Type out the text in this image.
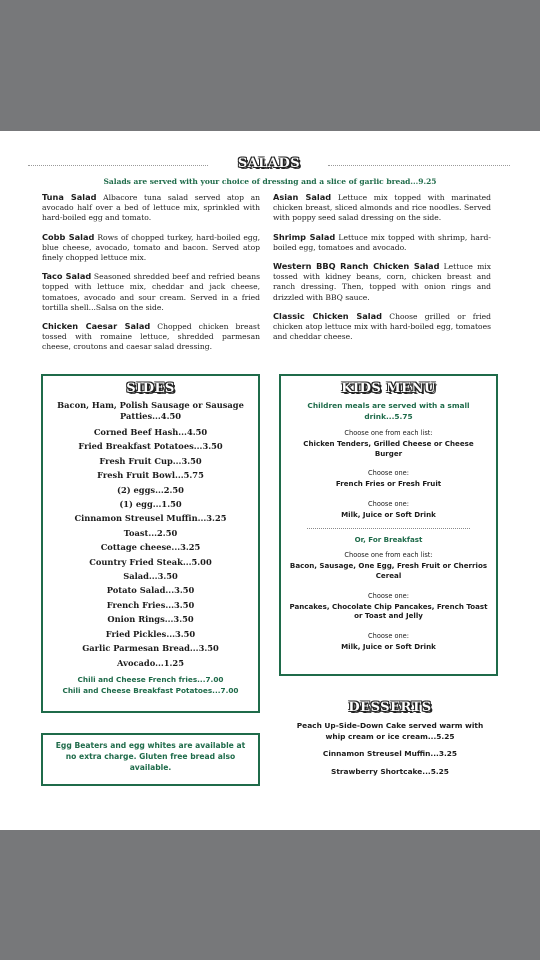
SALADS
Salads are served with your choice of dressing and a slice of garlic bread...9.25
Tuna Salad Albacore tuna salad served atop an avocado half over a bed of lettuce mix, sprinkled with hard-boiled egg and tomato.
Cobb Salad Rows of chopped turkey, hard-boiled egg, blue cheese, avocado, tomato and bacon. Served atop finely chopped lettuce mix.
Taco Salad Seasoned shredded beef and refried beans topped with lettuce mix, cheddar and jack cheese, tomatoes, avocado and sour cream. Served in a fried tortilla shell...Salsa on the side.
Chicken Caesar Salad Chopped chicken breast tossed with romaine lettuce, shredded parmesan cheese, croutons and caesar salad dressing.
Asian Salad Lettuce mix topped with marinated chicken breast, sliced almonds and rice noodles. Served with poppy seed salad dressing on the side.
Shrimp Salad Lettuce mix topped with shrimp, hard-boiled egg, tomatoes and avocado.
Western BBQ Ranch Chicken Salad Lettuce mix tossed with kidney beans, corn, chicken breast and ranch dressing. Then, topped with onion rings and drizzled with BBQ sauce.
Classic Chicken Salad Choose grilled or fried chicken atop lettuce mix with hard-boiled egg, tomatoes and cheddar cheese.
SIDES
Bacon, Ham, Polish Sausage or Sausage Patties...4.50
Corned Beef Hash...4.50
Fried Breakfast Potatoes...3.50
Fresh Fruit Cup...3.50
Fresh Fruit Bowl...5.75
(2) eggs...2.50
(1) egg...1.50
Cinnamon Streusel Muffin...3.25
Toast...2.50
Cottage cheese...3.25
Country Fried Steak...5.00
Salad...3.50
Potato Salad...3.50
French Fries...3.50
Onion Rings...3.50
Fried Pickles...3.50
Garlic Parmesan Bread...3.50
Avocado...1.25
Chili and Cheese French fries...7.00
Chili and Cheese Breakfast Potatoes...7.00
KIDS MENU
Children meals are served with a small drink...5.75
Choose one from each list:
Chicken Tenders, Grilled Cheese or Cheese Burger
Choose one:
French Fries or Fresh Fruit
Choose one:
Milk, Juice or Soft Drink
Or, For Breakfast
Choose one from each list:
Bacon, Sausage, One Egg, Fresh Fruit or Cherrios Cereal
Choose one:
Pancakes, Chocolate Chip Pancakes, French Toast or Toast and Jelly
Choose one:
Milk, Juice or Soft Drink
Egg Beaters and egg whites are available at no extra charge. Gluten free bread also available.
DESSERTS
Peach Up-Side-Down Cake served warm with whip cream or ice cream...5.25
Cinnamon Streusel Muffin...3.25
Strawberry Shortcake...5.25
